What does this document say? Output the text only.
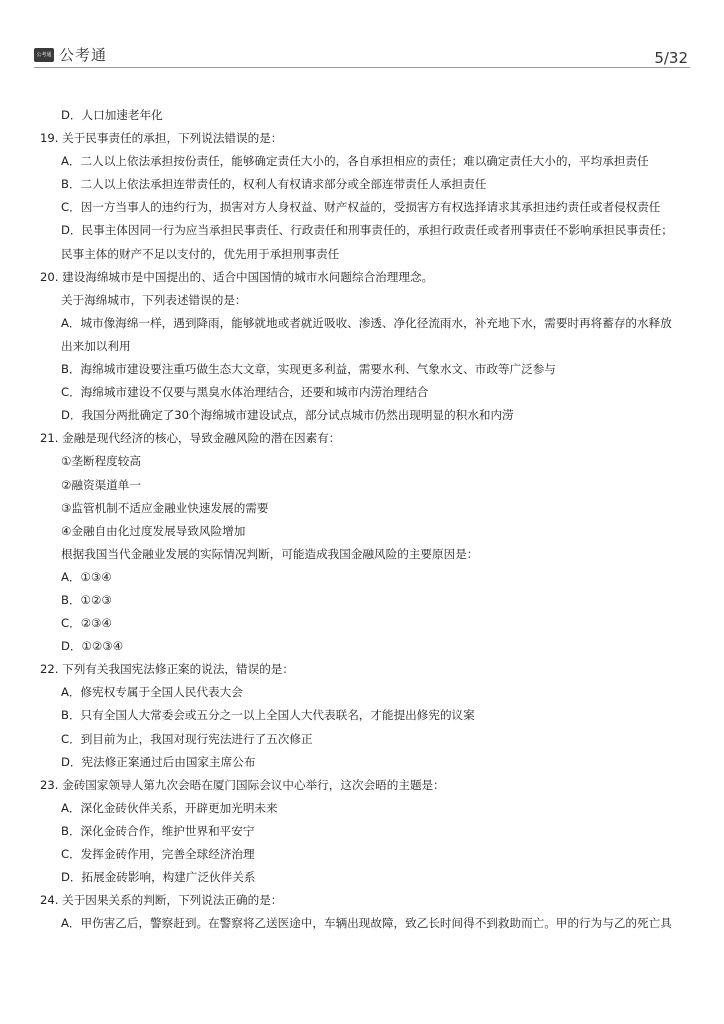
公考通 公考通	5/32
D．人口加速老年化
19. 关于民事责任的承担，下列说法错误的是：
A．二人以上依法承担按份责任，能够确定责任大小的，各自承担相应的责任；难以确定责任大小的，平均承担责任
B．二人以上依法承担连带责任的，权利人有权请求部分或全部连带责任人承担责任
C．因一方当事人的违约行为，损害对方人身权益、财产权益的，受损害方有权选择请求其承担违约责任或者侵权责任
D．民事主体因同一行为应当承担民事责任、行政责任和刑事责任的，承担行政责任或者刑事责任不影响承担民事责任；
民事主体的财产不足以支付的，优先用于承担刑事责任
20. 建设海绵城市是中国提出的、适合中国国情的城市水问题综合治理理念。
关于海绵城市，下列表述错误的是：
A．城市像海绵一样，遇到降雨，能够就地或者就近吸收、渗透、净化径流雨水，补充地下水，需要时再将蓄存的水释放
出来加以利用
B．海绵城市建设要注重巧做生态大文章，实现更多利益，需要水利、气象水文、市政等广泛参与
C．海绵城市建设不仅要与黑臭水体治理结合，还要和城市内涝治理结合
D．我国分两批确定了30个海绵城市建设试点，部分试点城市仍然出现明显的积水和内涝
21. 金融是现代经济的核心，导致金融风险的潜在因素有：
①垄断程度较高
②融资渠道单一
③监管机制不适应金融业快速发展的需要
④金融自由化过度发展导致风险增加
根据我国当代金融业发展的实际情况判断，可能造成我国金融风险的主要原因是：
A．①③④
B．①②③
C．②③④
D．①②③④
22. 下列有关我国宪法修正案的说法，错误的是：
A．修宪权专属于全国人民代表大会
B．只有全国人大常委会或五分之一以上全国人大代表联名，才能提出修宪的议案
C．到目前为止，我国对现行宪法进行了五次修正
D．宪法修正案通过后由国家主席公布
23. 金砖国家领导人第九次会晤在厦门国际会议中心举行，这次会晤的主题是：
A．深化金砖伙伴关系，开辟更加光明未来
B．深化金砖合作，维护世界和平安宁
C．发挥金砖作用，完善全球经济治理
D．拓展金砖影响，构建广泛伙伴关系
24. 关于因果关系的判断，下列说法正确的是：
A．甲伤害乙后，警察赶到。在警察将乙送医途中，车辆出现故障，致乙长时间得不到救助而亡。甲的行为与乙的死亡具
